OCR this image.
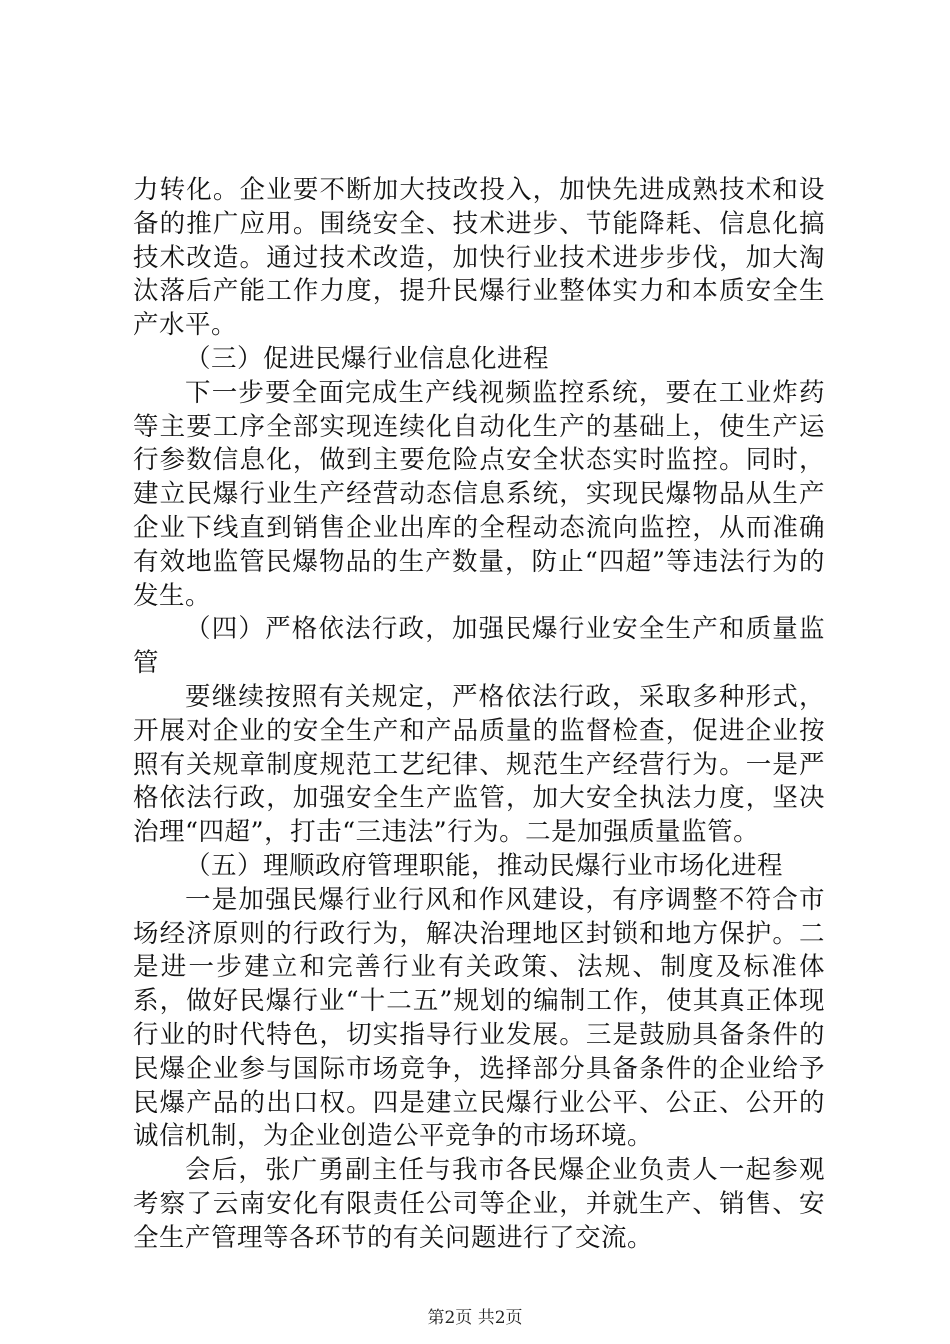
力转化。企业要不断加大技改投入，加快先进成熟技术和设备的推广应用。围绕安全、技术进步、节能降耗、信息化搞技术改造。通过技术改造，加快行业技术进步步伐，加大淘汰落后产能工作力度，提升民爆行业整体实力和本质安全生产水平。

（三）促进民爆行业信息化进程

下一步要全面完成生产线视频监控系统，要在工业炸药等主要工序全部实现连续化自动化生产的基础上，使生产运行参数信息化，做到主要危险点安全状态实时监控。同时，建立民爆行业生产经营动态信息系统，实现民爆物品从生产企业下线直到销售企业出库的全程动态流向监控，从而准确有效地监管民爆物品的生产数量，防止“四超”等违法行为的发生。

（四）严格依法行政，加强民爆行业安全生产和质量监管

要继续按照有关规定，严格依法行政，采取多种形式，开展对企业的安全生产和产品质量的监督检查，促进企业按照有关规章制度规范工艺纪律、规范生产经营行为。一是严格依法行政，加强安全生产监管，加大安全执法力度，坚决治理“四超”，打击“三违法”行为。二是加强质量监管。

（五）理顺政府管理职能，推动民爆行业市场化进程

一是加强民爆行业行风和作风建设，有序调整不符合市场经济原则的行政行为，解决治理地区封锁和地方保护。二是进一步建立和完善行业有关政策、法规、制度及标准体系，做好民爆行业“十二五”规划的编制工作，使其真正体现行业的时代特色，切实指导行业发展。三是鼓励具备条件的民爆企业参与国际市场竞争，选择部分具备条件的企业给予民爆产品的出口权。四是建立民爆行业公平、公正、公开的诚信机制，为企业创造公平竞争的市场环境。

会后，张广勇副主任与我市各民爆企业负责人一起参观考察了云南安化有限责任公司等企业，并就生产、销售、安全生产管理等各环节的有关问题进行了交流。

第2页 共2页
